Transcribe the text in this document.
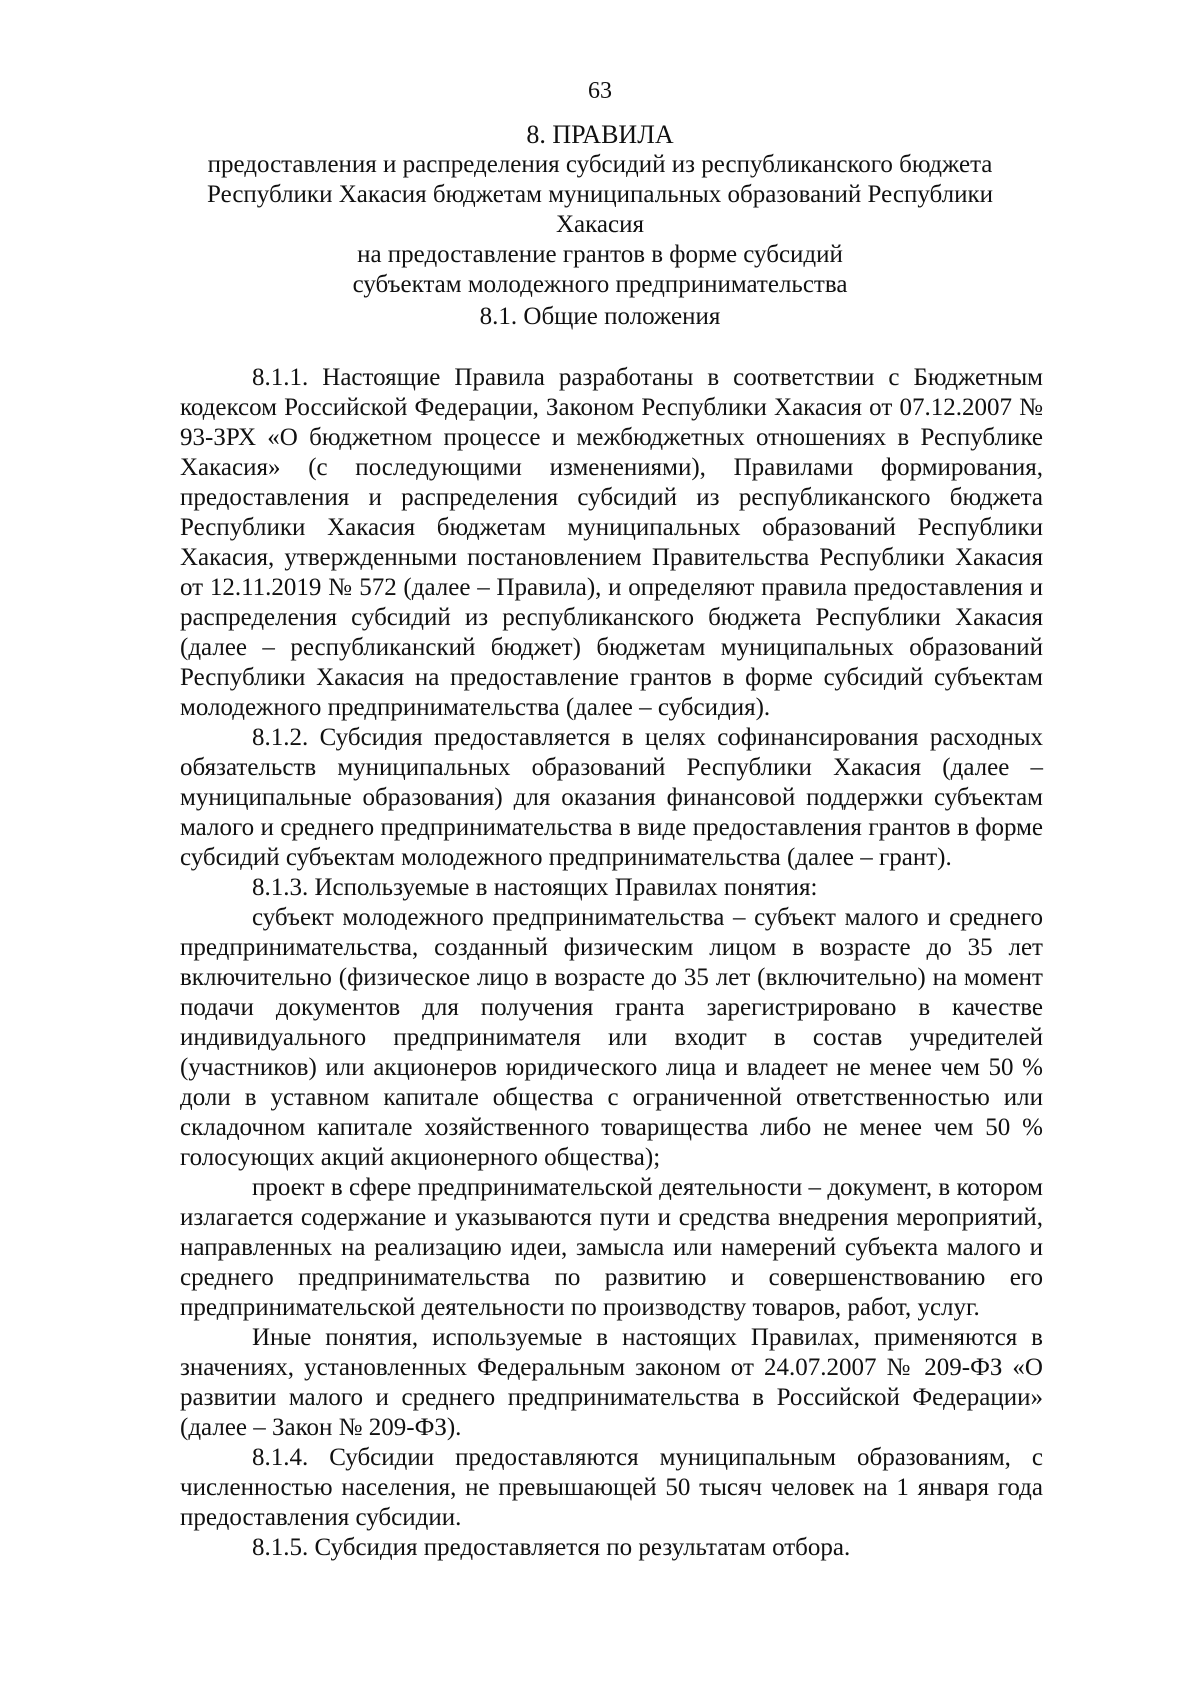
63
8. ПРАВИЛА
предоставления и распределения субсидий из республиканского бюджета
Республики Хакасия бюджетам муниципальных образований Республики Хакасия
на предоставление грантов в форме субсидий
субъектам молодежного предпринимательства
8.1. Общие положения

8.1.1. Настоящие Правила разработаны в соответствии с Бюджетным кодексом Российской Федерации, Законом Республики Хакасия от 07.12.2007 № 93-ЗРХ «О бюджетном процессе и межбюджетных отношениях в Республике Хакасия» (с последующими изменениями), Правилами формирования, предоставления и распределения субсидий из республиканского бюджета Республики Хакасия бюджетам муниципальных образований Республики Хакасия, утвержденными постановлением Правительства Республики Хакасия от 12.11.2019 № 572 (далее – Правила), и определяют правила предоставления и распределения субсидий из республиканского бюджета Республики Хакасия (далее – республиканский бюджет) бюджетам муниципальных образований Республики Хакасия на предоставление грантов в форме субсидий субъектам молодежного предпринимательства (далее – субсидия).

8.1.2. Субсидия предоставляется в целях софинансирования расходных обязательств муниципальных образований Республики Хакасия (далее – муниципальные образования) для оказания финансовой поддержки субъектам малого и среднего предпринимательства в виде предоставления грантов в форме субсидий субъектам молодежного предпринимательства (далее – грант).

8.1.3. Используемые в настоящих Правилах понятия:

субъект молодежного предпринимательства – субъект малого и среднего предпринимательства, созданный физическим лицом в возрасте до 35 лет включительно (физическое лицо в возрасте до 35 лет (включительно) на момент подачи документов для получения гранта зарегистрировано в качестве индивидуального предпринимателя или входит в состав учредителей (участников) или акционеров юридического лица и владеет не менее чем 50 % доли в уставном капитале общества с ограниченной ответственностью или складочном капитале хозяйственного товарищества либо не менее чем 50 % голосующих акций акционерного общества);

проект в сфере предпринимательской деятельности – документ, в котором излагается содержание и указываются пути и средства внедрения мероприятий, направленных на реализацию идеи, замысла или намерений субъекта малого и среднего предпринимательства по развитию и совершенствованию его предпринимательской деятельности по производству товаров, работ, услуг.

Иные понятия, используемые в настоящих Правилах, применяются в значениях, установленных Федеральным законом от 24.07.2007 № 209-ФЗ «О развитии малого и среднего предпринимательства в Российской Федерации» (далее – Закон № 209-ФЗ).

8.1.4. Субсидии предоставляются муниципальным образованиям, с численностью населения, не превышающей 50 тысяч человек на 1 января года предоставления субсидии.

8.1.5. Субсидия предоставляется по результатам отбора.
